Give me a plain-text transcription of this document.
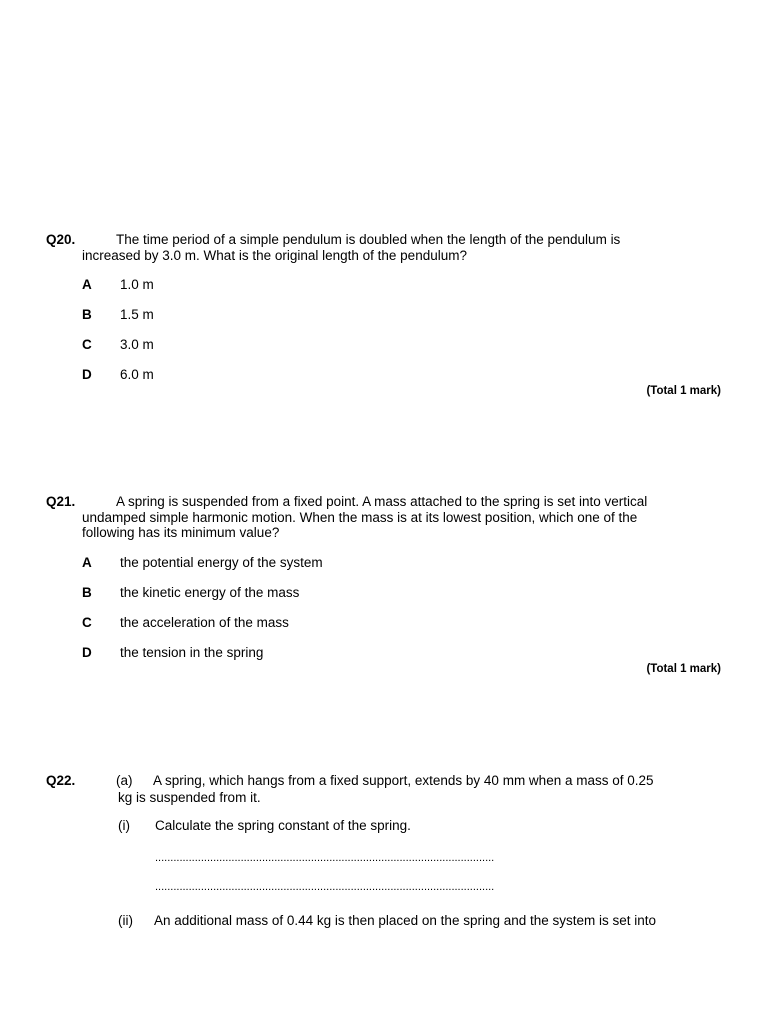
Q20.	The time period of a simple pendulum is doubled when the length of the pendulum is
increased by 3.0 m. What is the original length of the pendulum?
A 1.0 m
B 1.5 m
C 3.0 m
D 6.0 m
(Total 1 mark)
Q21.	A spring is suspended from a fixed point. A mass attached to the spring is set into vertical
undamped simple harmonic motion. When the mass is at its lowest position, which one of the
following has its minimum value?
A the potential energy of the system
B the kinetic energy of the mass
C the acceleration of the mass
D the tension in the spring
(Total 1 mark)
Q22.	(a) A spring, which hangs from a fixed support, extends by 40 mm when a mass of 0.25
kg is suspended from it.
(i) Calculate the spring constant of the spring.
...............................................................................................................
...............................................................................................................
(ii) An additional mass of 0.44 kg is then placed on the spring and the system is set into
